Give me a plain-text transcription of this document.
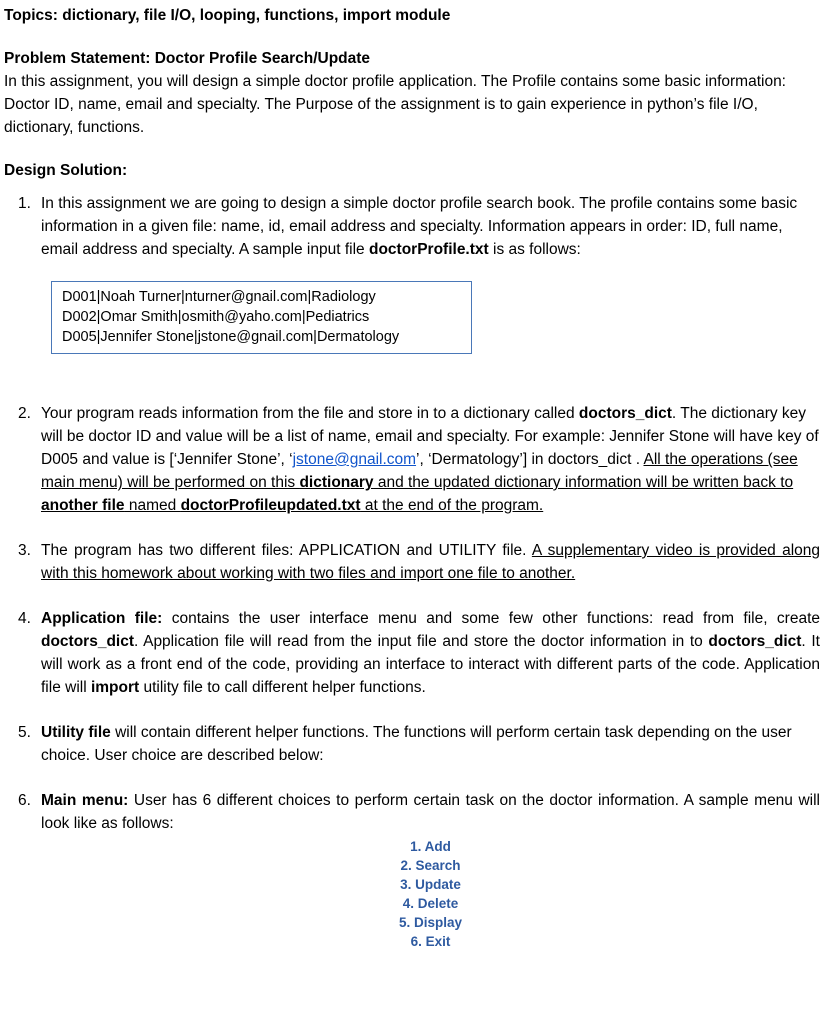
Topics: dictionary, file I/O, looping, functions, import module

Problem Statement: Doctor Profile Search/Update

In this assignment, you will design a simple doctor profile application. The Profile contains some basic information: Doctor ID, name, email and specialty. The Purpose of the assignment is to gain experience in python’s file I/O, dictionary, functions.

Design Solution:

1. In this assignment we are going to design a simple doctor profile search book. The profile contains some basic information in a given file: name, id, email address and specialty. Information appears in order: ID, full name, email address and specialty. A sample input file doctorProfile.txt is as follows:
D001|Noah Turner|nturner@gnail.com|Radiology
D002|Omar Smith|osmith@yaho.com|Pediatrics
D005|Jennifer Stone|jstone@gnail.com|Dermatology
2. Your program reads information from the file and store in to a dictionary called doctors_dict. The dictionary key will be doctor ID and value will be a list of name, email and specialty. For example: Jennifer Stone will have key of D005 and value is [‘Jennifer Stone’, ‘jstone@gnail.com’, ‘Dermatology’] in doctors_dict . All the operations (see main menu) will be performed on this dictionary and the updated dictionary information will be written back to another file named doctorProfileupdated.txt at the end of the program.
3. The program has two different files: APPLICATION and UTILITY file. A supplementary video is provided along with this homework about working with two files and import one file to another.
4. Application file: contains the user interface menu and some few other functions: read from file, create doctors_dict. Application file will read from the input file and store the doctor information in to doctors_dict. It will work as a front end of the code, providing an interface to interact with different parts of the code. Application file will import utility file to call different helper functions.
5. Utility file will contain different helper functions. The functions will perform certain task depending on the user choice. User choice are described below:
6. Main menu: User has 6 different choices to perform certain task on the doctor information. A sample menu will look like as follows:
1. Add
2. Search
3. Update
4. Delete
5. Display
6. Exit
